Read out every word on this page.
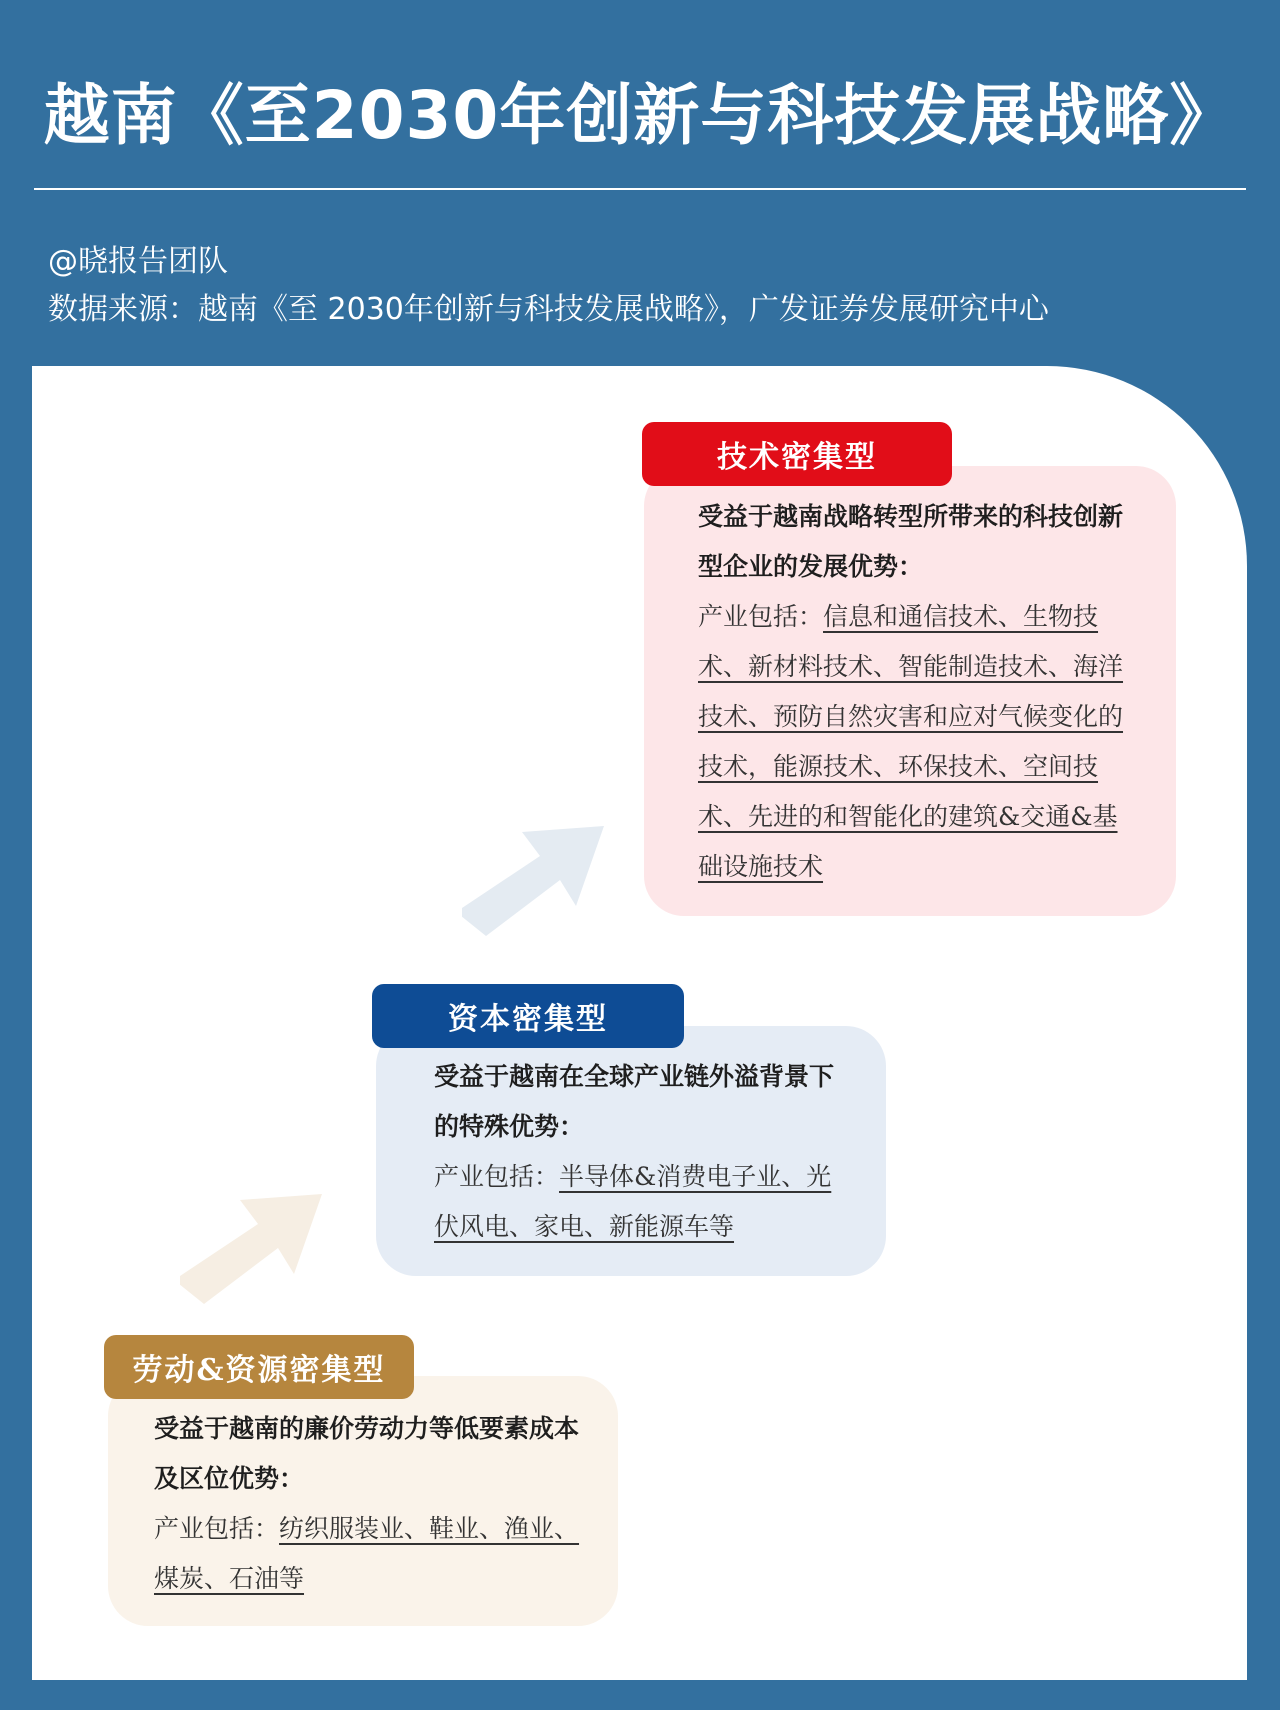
越南《至2030年创新与科技发展战略》
@晓报告团队
数据来源：越南《至 2030年创新与科技发展战略》，广发证券发展研究中心
技术密集型
受益于越南战略转型所带来的科技创新型企业的发展优势：
产业包括：信息和通信技术、生物技术、新材料技术、智能制造技术、海洋技术、预防自然灾害和应对气候变化的技术，能源技术、环保技术、空间技术、先进的和智能化的建筑&交通&基础设施技术
资本密集型
受益于越南在全球产业链外溢背景下的特殊优势：
产业包括：半导体&消费电子业、光伏风电、家电、新能源车等
劳动&资源密集型
受益于越南的廉价劳动力等低要素成本及区位优势：
产业包括：纺织服装业、鞋业、渔业、煤炭、石油等
